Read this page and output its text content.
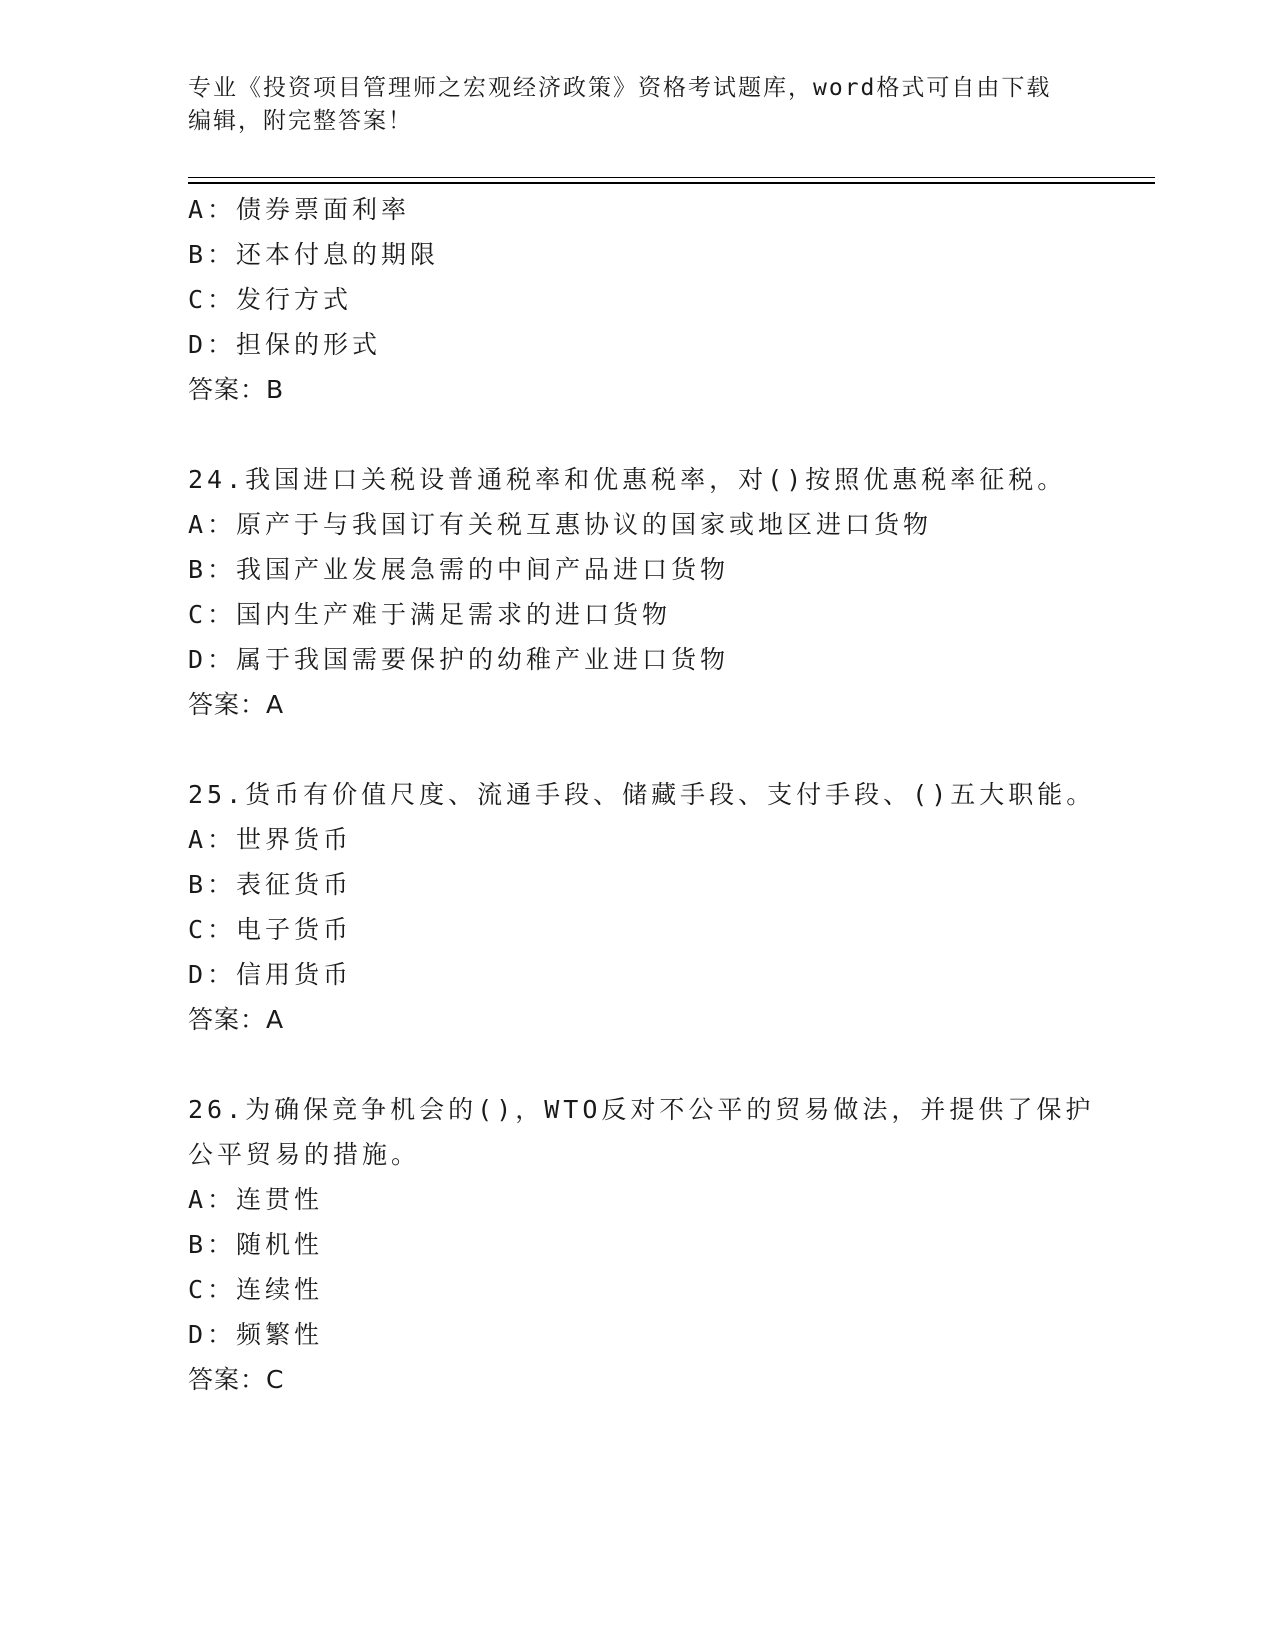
专业《投资项目管理师之宏观经济政策》资格考试题库，word格式可自由下载编辑，附完整答案！
A：债券票面利率
B：还本付息的期限
C：发行方式
D：担保的形式
答案：B
24.我国进口关税设普通税率和优惠税率，对()按照优惠税率征税。
A：原产于与我国订有关税互惠协议的国家或地区进口货物
B：我国产业发展急需的中间产品进口货物
C：国内生产难于满足需求的进口货物
D：属于我国需要保护的幼稚产业进口货物
答案：A
25.货币有价值尺度、流通手段、储藏手段、支付手段、()五大职能。
A：世界货币
B：表征货币
C：电子货币
D：信用货币
答案：A
26.为确保竞争机会的()，WTO反对不公平的贸易做法，并提供了保护
公平贸易的措施。
A：连贯性
B：随机性
C：连续性
D：频繁性
答案：C
